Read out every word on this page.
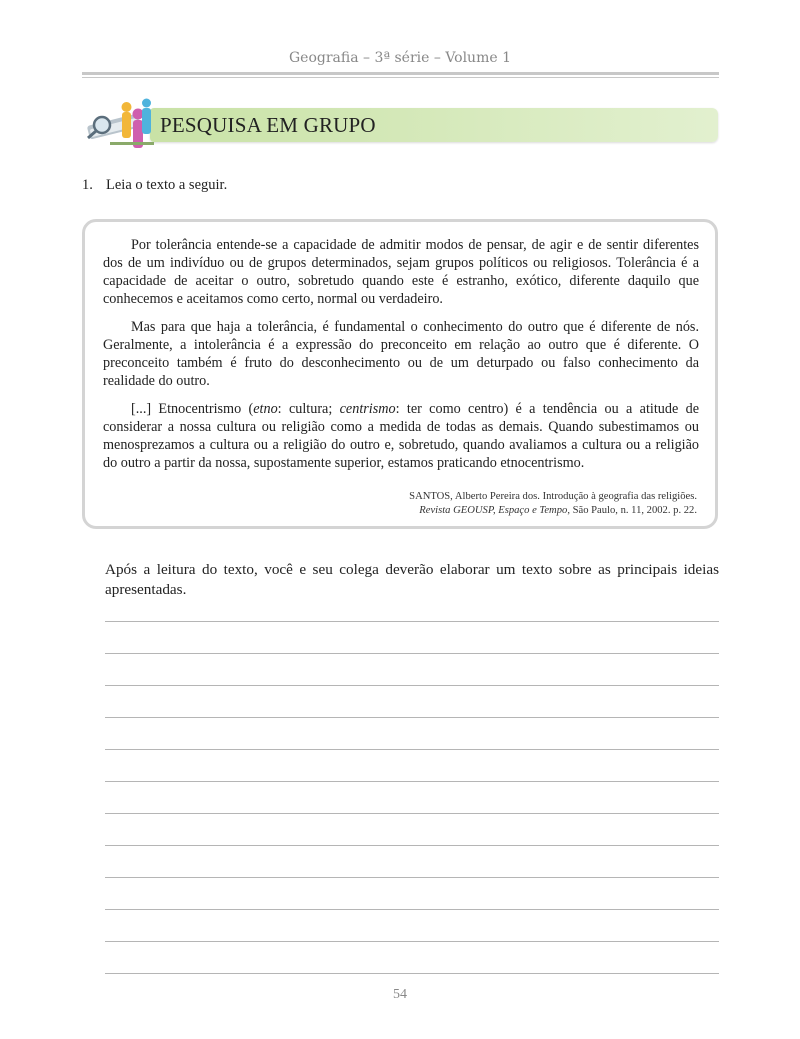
Geografia – 3ª série – Volume 1
PESQUISA EM GRUPO
1. Leia o texto a seguir.

Por tolerância entende-se a capacidade de admitir modos de pensar, de agir e de sentir diferentes dos de um indivíduo ou de grupos determinados, sejam grupos políticos ou religiosos. Tolerância é a capacidade de aceitar o outro, sobretudo quando este é estranho, exótico, diferente daquilo que conhecemos e aceitamos como certo, normal ou verdadeiro.

Mas para que haja a tolerância, é fundamental o conhecimento do outro que é diferente de nós. Geralmente, a intolerância é a expressão do preconceito em relação ao outro que é diferente. O preconceito também é fruto do desconhecimento ou de um deturpado ou falso conhecimento da realidade do outro.

[...] Etnocentrismo (etno: cultura; centrismo: ter como centro) é a tendência ou a atitude de considerar a nossa cultura ou religião como a medida de todas as demais. Quando subestimamos ou menosprezamos a cultura ou a religião do outro e, sobretudo, quando avaliamos a cultura ou a religião do outro a partir da nossa, supostamente superior, estamos praticando etnocentrismo.

SANTOS, Alberto Pereira dos. Introdução à geografia das religiões.
Revista GEOUSP, Espaço e Tempo, São Paulo, n. 11, 2002. p. 22.
Após a leitura do texto, você e seu colega deverão elaborar um texto sobre as principais ideias apresentadas.
54
